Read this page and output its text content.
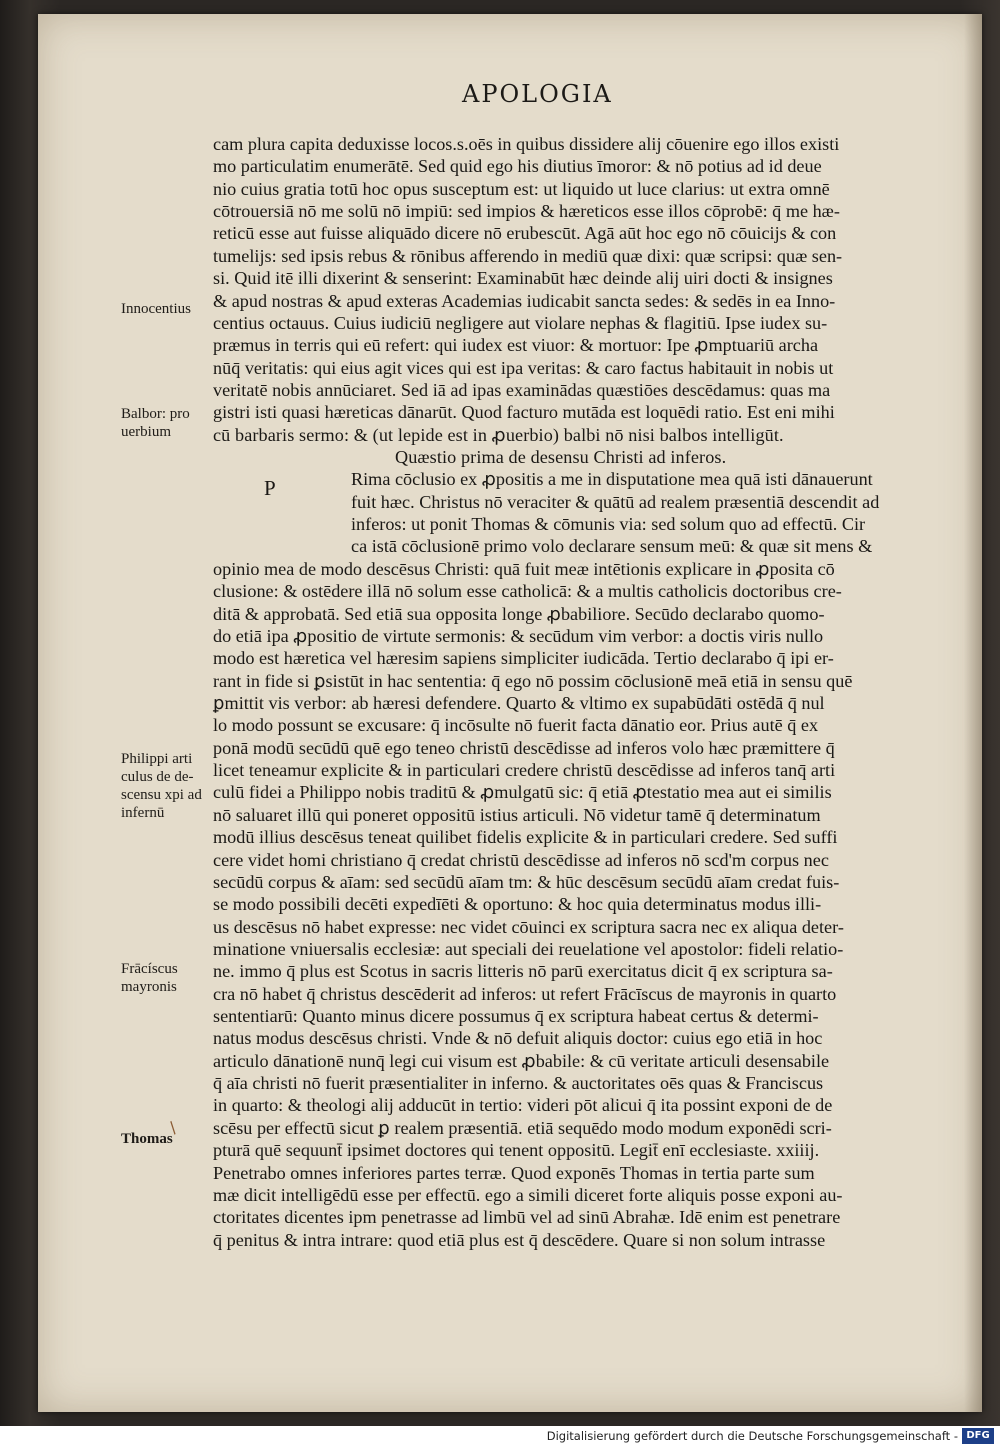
APOLOGIA
Innocentius
Balbor: pro
uerbium
Philippi arti
culus de de-
scensu xpi ad
infernū
Frācíscus
mayronis
Thomas
P
/
cam plura capita deduxisse locos.s.oēs in quibus dissidere alij cōuenire ego illos existi
mo particulatim enumerātē. Sed quid ego his diutius īmoror: & nō potius ad id deue
nio cuius gratia totū hoc opus susceptum est: ut liquido ut luce clarius: ut extra omnē
cōtrouersiā nō me solū nō impiū: sed impios & hæreticos esse illos cōprobē: q̄ me hæ-
reticū esse aut fuisse aliquādo dicere nō erubescūt. Agā aūt hoc ego nō cōuicijs & con
tumelijs: sed ipsis rebus & rōnibus afferendo in mediū quæ dixi: quæ scripsi: quæ sen-
si. Quid itē illi dixerint & senserint: Examinabūt hæc deinde alij uiri docti & insignes
& apud nostras & apud exteras Academias iudicabit sancta sedes: & sedēs in ea Inno-
centius octauus. Cuius iudiciū negligere aut violare nephas & flagitiū. Ipse iudex su-
præmus in terris qui eū refert: qui iudex est viuor: & mortuor: Ipe ꝓmptuariū archa
nūq̄ veritatis: qui eius agit vices qui est ipa veritas: & caro factus habitauit in nobis ut
veritatē nobis annūciaret. Sed iā ad ipas examinādas quæstiōes descēdamus: quas ma
gistri isti quasi hæreticas dānarūt. Quod facturo mutāda est loquēdi ratio. Est eni mihi
cū barbaris sermo: & (ut lepide est in ꝓuerbio) balbi nō nisi balbos intelligūt.
Quæstio prima de desensu Christi ad inferos.
Rima cōclusio ex ꝓpositis a me in disputatione mea quā isti dānauerunt
fuit hæc. Christus nō veraciter & quātū ad realem præsentiā descendit ad
inferos: ut ponit Thomas & cōmunis via: sed solum quo ad effectū. Cir
ca istā cōclusionē primo volo declarare sensum meū: & quæ sit mens &
opinio mea de modo descēsus Christi: quā fuit meæ intētionis explicare in ꝓposita cō
clusione: & ostēdere illā nō solum esse catholicā: & a multis catholicis doctoribus cre-
ditā & approbatā. Sed etiā sua opposita longe ꝓbabiliore. Secūdo declarabo quomo-
do etiā ipa ꝓpositio de virtute sermonis: & secūdum vim verbor: a doctis viris nullo
modo est hæretica vel hæresim sapiens simpliciter iudicāda. Tertio declarabo q̄ ipi er-
rant in fide si ꝑsistūt in hac sententia: q̄ ego nō possim cōclusionē meā etiā in sensu quē
ꝑmittit vis verbor: ab hæresi defendere. Quarto & vltimo ex supabūdāti ostēdā q̄ nul
lo modo possunt se excusare: q̄ incōsulte nō fuerit facta dānatio eor. Prius autē q̄ ex
ponā modū secūdū quē ego teneo christū descēdisse ad inferos volo hæc præmittere q̄
licet teneamur explicite & in particulari credere christū descēdisse ad inferos tanq̄ arti
culū fidei a Philippo nobis traditū & ꝓmulgatū sic: q̄ etiā ꝓtestatio mea aut ei similis
nō saluaret illū qui poneret oppositū istius articuli. Nō videtur tamē q̄ determinatum
modū illius descēsus teneat quilibet fidelis explicite & in particulari credere. Sed suffi
cere videt homi christiano q̄ credat christū descēdisse ad inferos nō scd'm corpus nec
secūdū corpus & aīam: sed secūdū aīam tm: & hūc descēsum secūdū aīam credat fuis-
se modo possibili decēti expedīēti & oportuno: & hoc quia determinatus modus illi-
us descēsus nō habet expresse: nec videt cōuinci ex scriptura sacra nec ex aliqua deter-
minatione vniuersalis ecclesiæ: aut speciali dei reuelatione vel apostolor: fideli relatio-
ne. immo q̄ plus est Scotus in sacris litteris nō parū exercitatus dicit q̄ ex scriptura sa-
cra nō habet q̄ christus descēderit ad inferos: ut refert Frācīscus de mayronis in quarto
sententiarū: Quanto minus dicere possumus q̄ ex scriptura habeat certus & determi-
natus modus descēsus christi. Vnde & nō defuit aliquis doctor: cuius ego etiā in hoc
articulo dānationē nunq̄ legi cui visum est ꝓbabile: & cū veritate articuli desensabile
q̄ aīa christi nō fuerit præsentialiter in inferno. & auctoritates oēs quas & Franciscus
in quarto: & theologi alij adducūt in tertio: videri pōt alicui q̄ ita possint exponi de de
scēsu per effectū sicut ꝑ realem præsentiā. etiā sequēdo modo modum exponēdi scri-
pturā quē sequunt̄ ipsimet doctores qui tenent oppositū. Legit̄ enī ecclesiaste. xxiiij.
Penetrabo omnes inferiores partes terræ. Quod exponēs Thomas in tertia parte sum
mæ dicit intelligēdū esse per effectū. ego a simili diceret forte aliquis posse exponi au-
ctoritates dicentes ipm penetrasse ad limbū vel ad sinū Abrahæ. Idē enim est penetrare
q̄ penitus & intra intrare: quod etiā plus est q̄ descēdere. Quare si non solum intrasse
Digitalisierung gefördert durch die Deutsche Forschungsgemeinschaft - DFG
